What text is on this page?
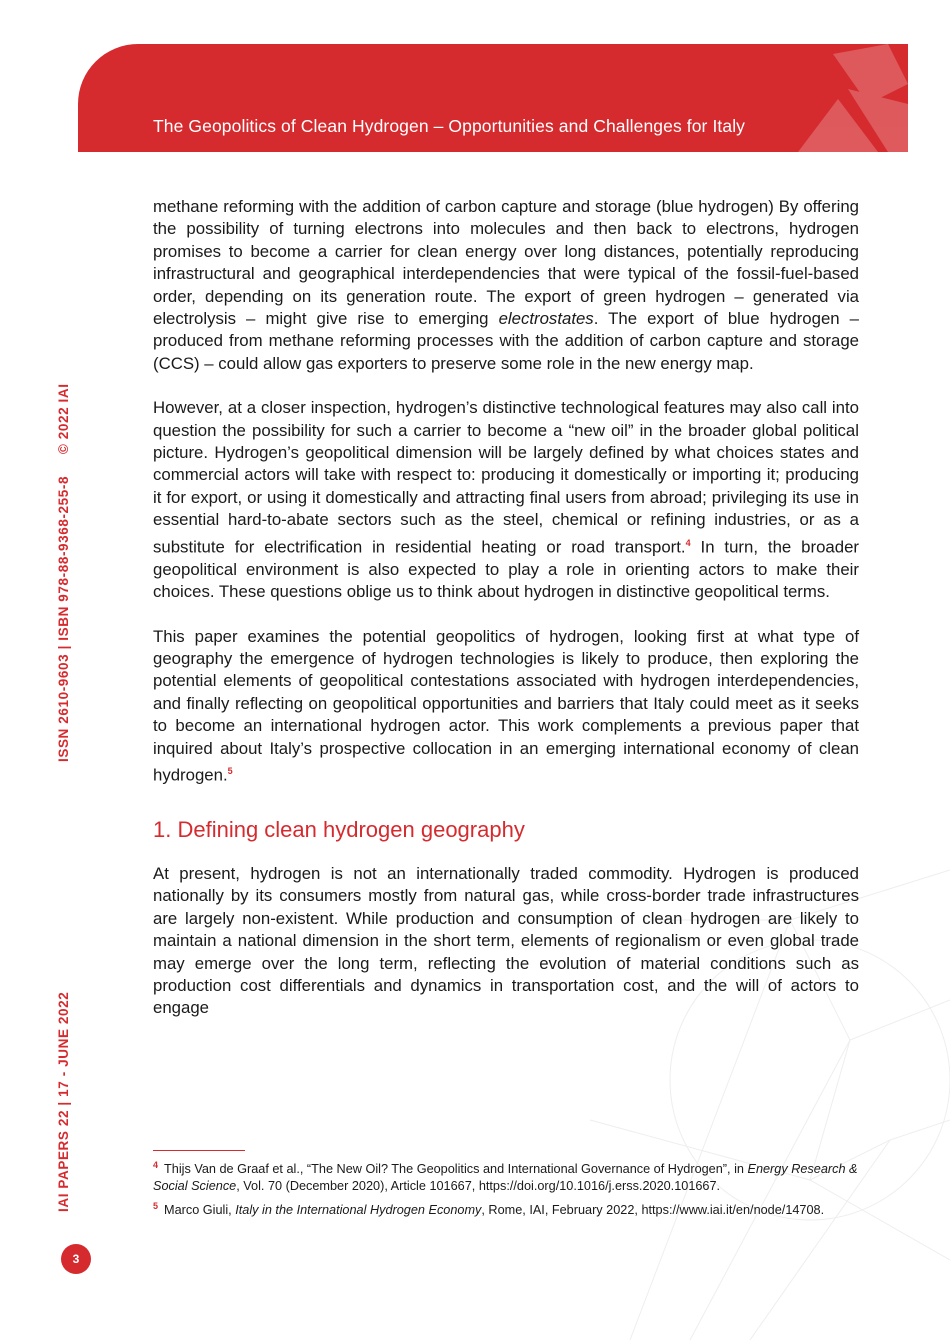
The Geopolitics of Clean Hydrogen – Opportunities and Challenges for Italy
ISSN 2610-9603 | ISBN 978-88-9368-255-8     © 2022 IAI
IAI PAPERS 22 | 17 - JUNE 2022
3

methane reforming with the addition of carbon capture and storage (blue hydrogen) By offering the possibility of turning electrons into molecules and then back to electrons, hydrogen promises to become a carrier for clean energy over long distances, potentially reproducing infrastructural and geographical interdependencies that were typical of the fossil-fuel-based order, depending on its generation route. The export of green hydrogen – generated via electrolysis – might give rise to emerging electrostates. The export of blue hydrogen – produced from methane reforming processes with the addition of carbon capture and storage (CCS) – could allow gas exporters to preserve some role in the new energy map.

However, at a closer inspection, hydrogen’s distinctive technological features may also call into question the possibility for such a carrier to become a “new oil” in the broader global political picture. Hydrogen’s geopolitical dimension will be largely defined by what choices states and commercial actors will take with respect to: producing it domestically or importing it; producing it for export, or using it domestically and attracting final users from abroad; privileging its use in essential hard-to-abate sectors such as the steel, chemical or refining industries, or as a substitute for electrification in residential heating or road transport.$^4$ In turn, the broader geopolitical environment is also expected to play a role in orienting actors to make their choices. These questions oblige us to think about hydrogen in distinctive geopolitical terms.

This paper examines the potential geopolitics of hydrogen, looking first at what type of geography the emergence of hydrogen technologies is likely to produce, then exploring the potential elements of geopolitical contestations associated with hydrogen interdependencies, and finally reflecting on geopolitical opportunities and barriers that Italy could meet as it seeks to become an international hydrogen actor. This work complements a previous paper that inquired about Italy’s prospective collocation in an emerging international economy of clean hydrogen.$^5$

1. Defining clean hydrogen geography

At present, hydrogen is not an internationally traded commodity. Hydrogen is produced nationally by its consumers mostly from natural gas, while cross-border trade infrastructures are largely non-existent. While production and consumption of clean hydrogen are likely to maintain a national dimension in the short term, elements of regionalism or even global trade may emerge over the long term, reflecting the evolution of material conditions such as production cost differentials and dynamics in transportation cost, and the will of actors to engage

$^4$ Thijs Van de Graaf et al., “The New Oil? The Geopolitics and International Governance of Hydrogen”, in Energy Research & Social Science, Vol. 70 (December 2020), Article 101667, https://doi.org/10.1016/j.erss.2020.101667.

$^5$ Marco Giuli, Italy in the International Hydrogen Economy, Rome, IAI, February 2022, https://www.iai.it/en/node/14708.
